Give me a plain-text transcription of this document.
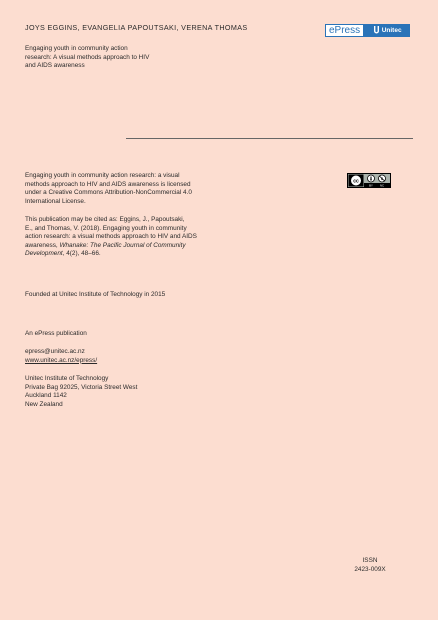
JOYS EGGINS, EVANGELIA PAPOUTSAKI, VERENA THOMAS
Engaging youth in community action
research: A visual methods approach to HIV
and AIDS awareness
ePress	Unitec
Engaging youth in community action research: a visual
methods approach to HIV and AIDS awareness is licensed
under a Creative Commons Attribution-NonCommercial 4.0
International License.
cc
BY	NC
This publication may be cited as: Eggins, J., Papoutsaki,
E., and Thomas, V. (2018). Engaging youth in community
action research: a visual methods approach to HIV and AIDS
awareness, Whanake: The Pacific Journal of Community
Development, 4(2), 48–66.
Founded at Unitec Institute of Technology in 2015
An ePress publication
epress@unitec.ac.nz
www.unitec.ac.nz/epress/
Unitec Institute of Technology
Private Bag 92025, Victoria Street West
Auckland 1142
New Zealand
ISSN
2423-009X
